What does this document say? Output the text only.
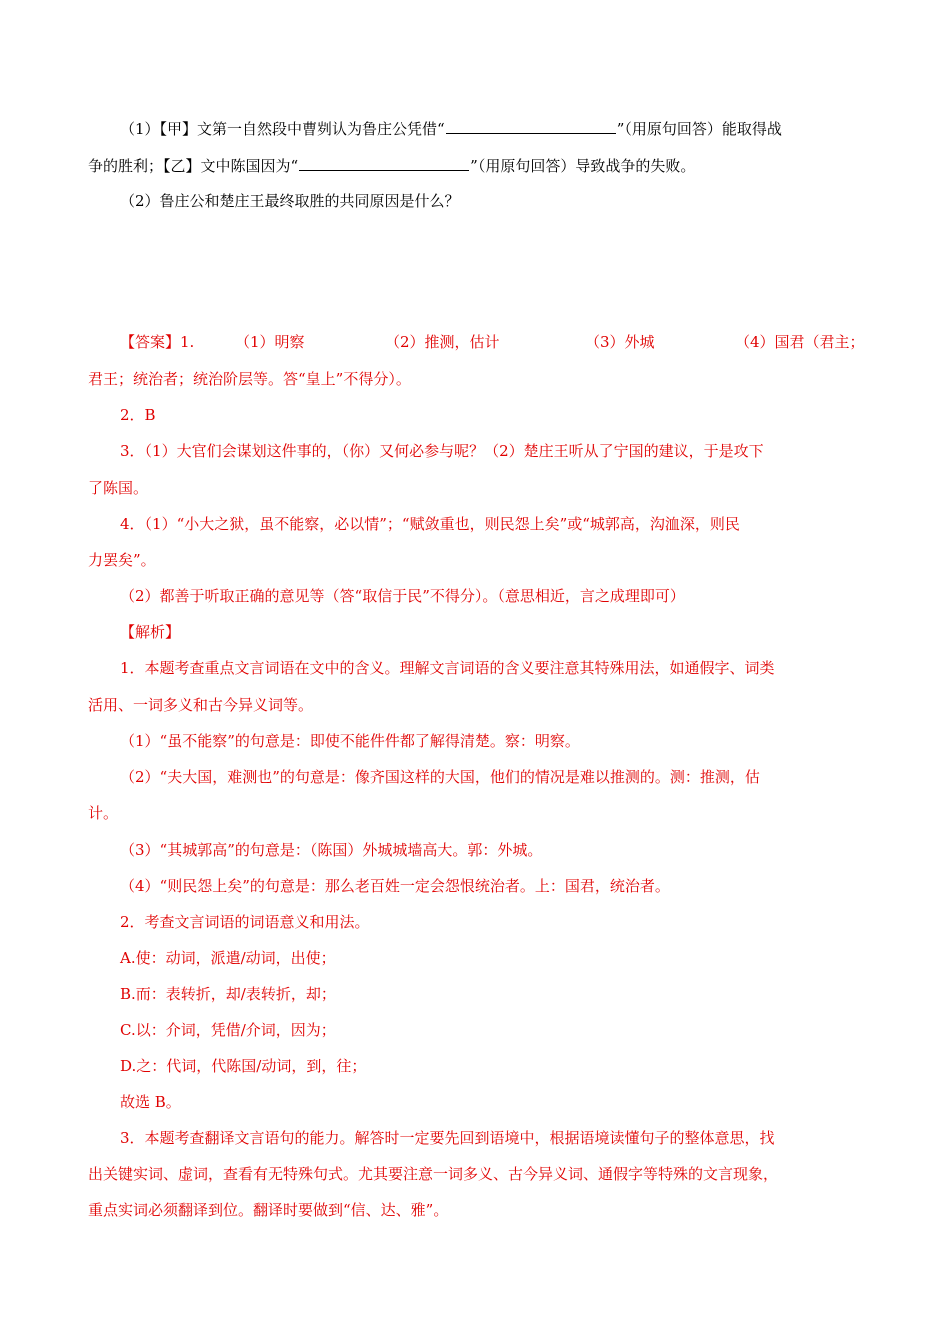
（1）【甲】文第一自然段中曹刿认为鲁庄公凭借“	”（用原句回答）能取得战
争的胜利；【乙】文中陈国因为“	”（用原句回答）导致战争的失败。
（2）鲁庄公和楚庄王最终取胜的共同原因是什么？
【答案】1.	（1）明察	（2）推测，估计	（3）外城	（4）国君（君主；
君王；统治者；统治阶层等。答“皇上”不得分）。
2．B
3．（1）大官们会谋划这件事的，（你）又何必参与呢？（2）楚庄王听从了宁国的建议，于是攻下
了陈国。
4．（1）“小大之狱，虽不能察，必以情”；“赋敛重也，则民怨上矣”或“城郭高，沟洫深，则民
力罢矣”。
（2）都善于听取正确的意见等（答“取信于民”不得分）。（意思相近，言之成理即可）
【解析】
1．本题考查重点文言词语在文中的含义。理解文言词语的含义要注意其特殊用法，如通假字、词类
活用、一词多义和古今异义词等。
（1）“虽不能察”的句意是：即使不能件件都了解得清楚。察：明察。
（2）“夫大国，难测也”的句意是：像齐国这样的大国，他们的情况是难以推测的。测：推测，估
计。
（3）“其城郭高”的句意是：（陈国）外城城墙高大。郭：外城。
（4）“则民怨上矣”的句意是：那么老百姓一定会怨恨统治者。上：国君，统治者。
2．考查文言词语的词语意义和用法。
A.使：动词，派遣/动词，出使；
B.而：表转折，却/表转折，却；
C.以：介词，凭借/介词，因为；
D.之：代词，代陈国/动词，到，往；
故选 B。
3．本题考查翻译文言语句的能力。解答时一定要先回到语境中，根据语境读懂句子的整体意思，找
出关键实词、虚词，查看有无特殊句式。尤其要注意一词多义、古今异义词、通假字等特殊的文言现象，
重点实词必须翻译到位。翻译时要做到“信、达、雅”。
